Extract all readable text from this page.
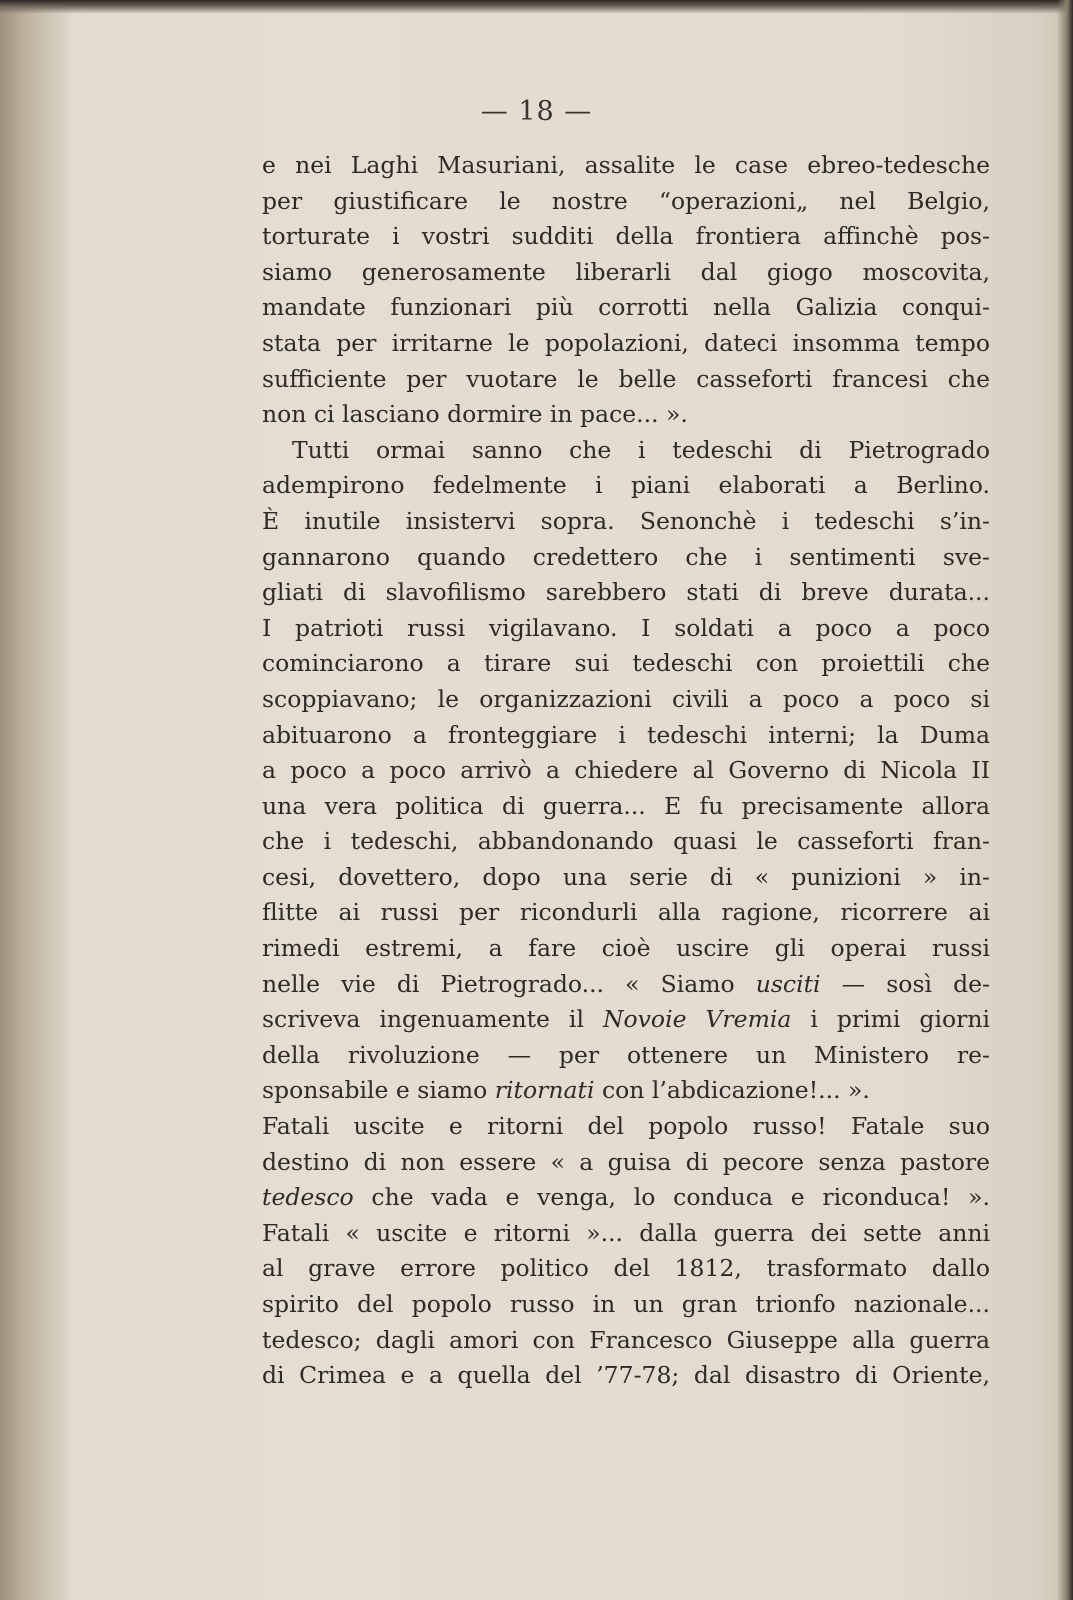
— 18 —
e nei Laghi Masuriani, assalite le case ebreo-tedesche
per giustificare le nostre “operazioni„ nel Belgio,
torturate i vostri sudditi della frontiera affinchè pos-
siamo generosamente liberarli dal giogo moscovita,
mandate funzionari più corrotti nella Galizia conqui-
stata per irritarne le popolazioni, dateci insomma tempo
sufficiente per vuotare le belle casseforti francesi che
non ci lasciano dormire in pace... ».
Tutti ormai sanno che i tedeschi di Pietrogrado
adempirono fedelmente i piani elaborati a Berlino.
È inutile insistervi sopra. Senonchè i tedeschi s’in-
gannarono quando credettero che i sentimenti sve-
gliati di slavofilismo sarebbero stati di breve durata...
I patrioti russi vigilavano. I soldati a poco a poco
cominciarono a tirare sui tedeschi con proiettili che
scoppiavano; le organizzazioni civili a poco a poco si
abituarono a fronteggiare i tedeschi interni; la Duma
a poco a poco arrivò a chiedere al Governo di Nicola II
una vera politica di guerra... E fu precisamente allora
che i tedeschi, abbandonando quasi le casseforti fran-
cesi, dovettero, dopo una serie di « punizioni » in-
flitte ai russi per ricondurli alla ragione, ricorrere ai
rimedi estremi, a fare cioè uscire gli operai russi
nelle vie di Pietrogrado... « Siamo usciti — sosì de-
scriveva ingenuamente il Novoie Vremia i primi giorni
della rivoluzione — per ottenere un Ministero re-
sponsabile e siamo ritornati con l’abdicazione!... ».
Fatali uscite e ritorni del popolo russo! Fatale suo
destino di non essere « a guisa di pecore senza pastore
tedesco che vada e venga, lo conduca e riconduca! ».
Fatali « uscite e ritorni »... dalla guerra dei sette anni
al grave errore politico del 1812, trasformato dallo
spirito del popolo russo in un gran trionfo nazionale...
tedesco; dagli amori con Francesco Giuseppe alla guerra
di Crimea e a quella del ’77-78; dal disastro di Oriente,
